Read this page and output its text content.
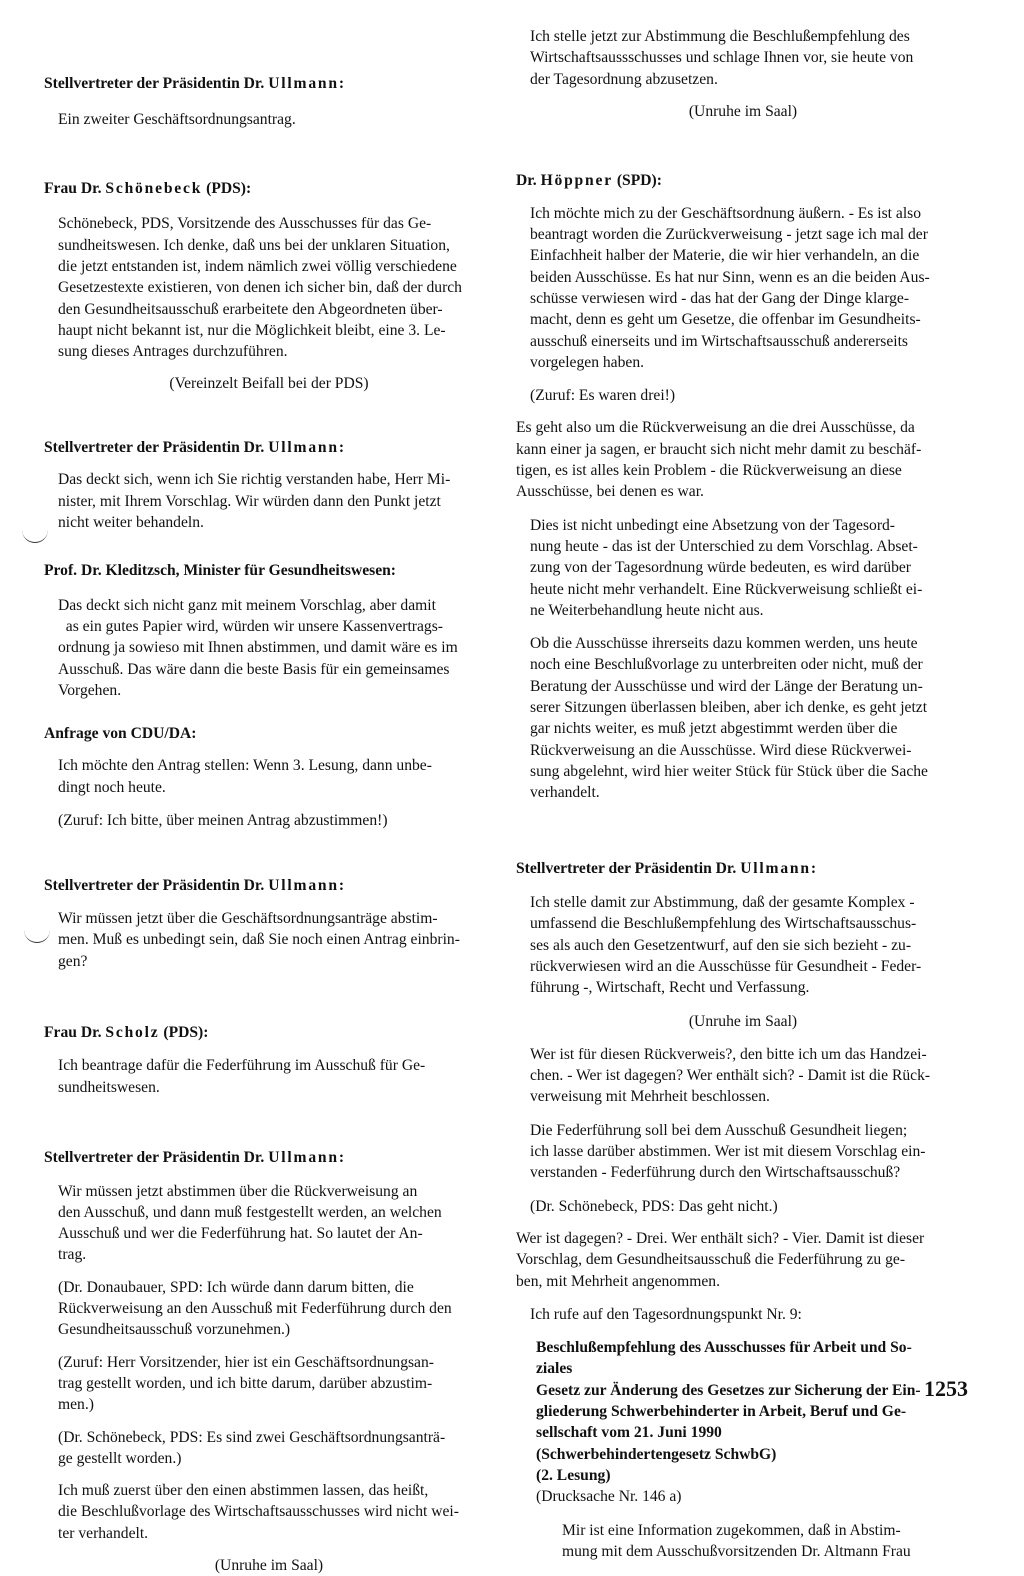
Stellvertreter der Präsidentin Dr. Ullmann:

Ein zweiter Geschäftsordnungsantrag.

Frau Dr. Schönebeck (PDS):

Schönebeck, PDS, Vorsitzende des Ausschusses für das Ge-
sundheitswesen. Ich denke, daß uns bei der unklaren Situation,
die jetzt entstanden ist, indem nämlich zwei völlig verschiedene
Gesetzestexte existieren, von denen ich sicher bin, daß der durch
den Gesundheitsausschuß erarbeitete den Abgeordneten über-
haupt nicht bekannt ist, nur die Möglichkeit bleibt, eine 3. Le-
sung dieses Antrages durchzuführen.
(Vereinzelt Beifall bei der PDS)

Stellvertreter der Präsidentin Dr. Ullmann:

Das deckt sich, wenn ich Sie richtig verstanden habe, Herr Mi-
nister, mit Ihrem Vorschlag. Wir würden dann den Punkt jetzt
nicht weiter behandeln.
Prof. Dr. Kleditzsch, Minister für Gesundheitswesen:
Das deckt sich nicht ganz mit meinem Vorschlag, aber damit
as ein gutes Papier wird, würden wir unsere Kassenvertrags-
ordnung ja sowieso mit Ihnen abstimmen, und damit wäre es im
Ausschuß. Das wäre dann die beste Basis für ein gemeinsames
Vorgehen.
Anfrage von CDU/DA:
Ich möchte den Antrag stellen: Wenn 3. Lesung, dann unbe-
dingt noch heute.
(Zuruf: Ich bitte, über meinen Antrag abzustimmen!)

Stellvertreter der Präsidentin Dr. Ullmann:

Wir müssen jetzt über die Geschäftsordnungsanträge abstim-
men. Muß es unbedingt sein, daß Sie noch einen Antrag einbrin-
gen?

Frau Dr. Scholz (PDS):

Ich beantrage dafür die Federführung im Ausschuß für Ge-
sundheitswesen.

Stellvertreter der Präsidentin Dr. Ullmann:

Wir müssen jetzt abstimmen über die Rückverweisung an
den Ausschuß, und dann muß festgestellt werden, an welchen
Ausschuß und wer die Federführung hat. So lautet der An-
trag.
(Dr. Donaubauer, SPD: Ich würde dann darum bitten, die
Rückverweisung an den Ausschuß mit Federführung durch den
Gesundheitsausschuß vorzunehmen.)
(Zuruf: Herr Vorsitzender, hier ist ein Geschäftsordnungsan-
trag gestellt worden, und ich bitte darum, darüber abzustim-
men.)
(Dr. Schönebeck, PDS: Es sind zwei Geschäftsordnungsanträ-
ge gestellt worden.)
Ich muß zuerst über den einen abstimmen lassen, das heißt,
die Beschlußvorlage des Wirtschaftsausschusses wird nicht wei-
ter verhandelt.
(Unruhe im Saal)
Ich stelle jetzt zur Abstimmung die Beschlußempfehlung des
Wirtschaftsaussschusses und schlage Ihnen vor, sie heute von
der Tagesordnung abzusetzen.
(Unruhe im Saal)

Dr. Höppner (SPD):

Ich möchte mich zu der Geschäftsordnung äußern. - Es ist also
beantragt worden die Zurückverweisung - jetzt sage ich mal der
Einfachheit halber der Materie, die wir hier verhandeln, an die
beiden Ausschüsse. Es hat nur Sinn, wenn es an die beiden Aus-
schüsse verwiesen wird - das hat der Gang der Dinge klarge-
macht, denn es geht um Gesetze, die offenbar im Gesundheits-
ausschuß einerseits und im Wirtschaftsausschuß andererseits
vorgelegen haben.
(Zuruf: Es waren drei!)
Es geht also um die Rückverweisung an die drei Ausschüsse, da
kann einer ja sagen, er braucht sich nicht mehr damit zu beschäf-
tigen, es ist alles kein Problem - die Rückverweisung an diese
Ausschüsse, bei denen es war.
Dies ist nicht unbedingt eine Absetzung von der Tagesord-
nung heute - das ist der Unterschied zu dem Vorschlag. Abset-
zung von der Tagesordnung würde bedeuten, es wird darüber
heute nicht mehr verhandelt. Eine Rückverweisung schließt ei-
ne Weiterbehandlung heute nicht aus.
Ob die Ausschüsse ihrerseits dazu kommen werden, uns heute
noch eine Beschlußvorlage zu unterbreiten oder nicht, muß der
Beratung der Ausschüsse und wird der Länge der Beratung un-
serer Sitzungen überlassen bleiben, aber ich denke, es geht jetzt
gar nichts weiter, es muß jetzt abgestimmt werden über die
Rückverweisung an die Ausschüsse. Wird diese Rückverwei-
sung abgelehnt, wird hier weiter Stück für Stück über die Sache
verhandelt.

Stellvertreter der Präsidentin Dr. Ullmann:

Ich stelle damit zur Abstimmung, daß der gesamte Komplex -
umfassend die Beschlußempfehlung des Wirtschaftsausschus-
ses als auch den Gesetzentwurf, auf den sie sich bezieht - zu-
rückverwiesen wird an die Ausschüsse für Gesundheit - Feder-
führung -, Wirtschaft, Recht und Verfassung.
(Unruhe im Saal)
Wer ist für diesen Rückverweis?, den bitte ich um das Handzei-
chen. - Wer ist dagegen? Wer enthält sich? - Damit ist die Rück-
verweisung mit Mehrheit beschlossen.
Die Federführung soll bei dem Ausschuß Gesundheit liegen;
ich lasse darüber abstimmen. Wer ist mit diesem Vorschlag ein-
verstanden - Federführung durch den Wirtschaftsausschuß?
(Dr. Schönebeck, PDS: Das geht nicht.)
Wer ist dagegen? - Drei. Wer enthält sich? - Vier. Damit ist dieser
Vorschlag, dem Gesundheitsausschuß die Federführung zu ge-
ben, mit Mehrheit angenommen.
Ich rufe auf den Tagesordnungspunkt Nr. 9:
Beschlußempfehlung des Ausschusses für Arbeit und So-
ziales
Gesetz zur Änderung des Gesetzes zur Sicherung der Ein-
gliederung Schwerbehinderter in Arbeit, Beruf und Ge-
sellschaft vom 21. Juni 1990
(Schwerbehindertengesetz SchwbG)
(2. Lesung)
(Drucksache Nr. 146 a)
Mir ist eine Information zugekommen, daß in Abstim-
mung mit dem Ausschußvorsitzenden Dr. Altmann Frau
1253
